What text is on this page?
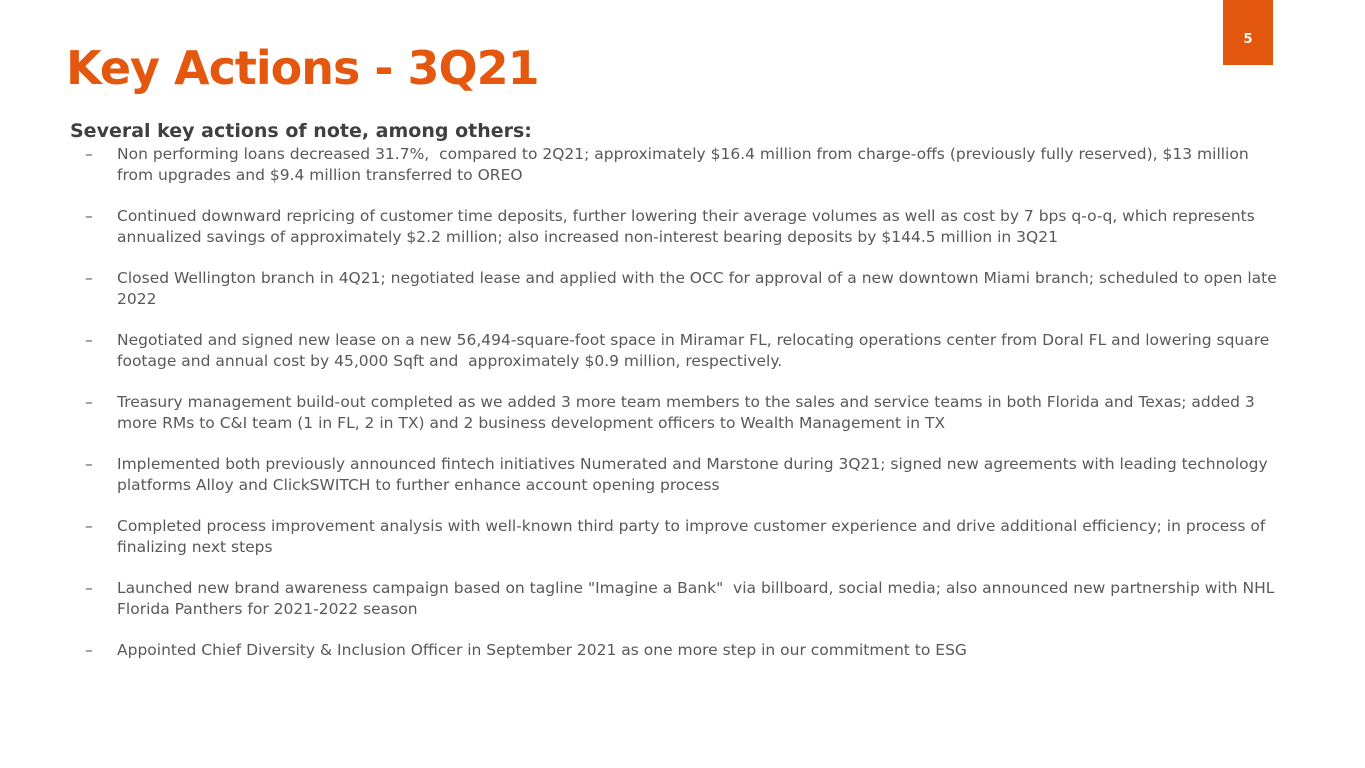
5
Key Actions - 3Q21
Several key actions of note, among others:
–	Non performing loans decreased 31.7%,  compared to 2Q21; approximately $16.4 million from charge-offs (previously fully reserved), $13 million  from upgrades and $9.4 million transferred to OREO
–	Continued downward repricing of customer time deposits, further lowering their average volumes as well as cost by 7 bps q-o-q, which represents annualized savings of approximately $2.2 million; also increased non-interest bearing deposits by $144.5 million in 3Q21
–	Closed Wellington branch in 4Q21; negotiated lease and applied with the OCC for approval of a new downtown Miami branch; scheduled to open late 2022
–	Negotiated and signed new lease on a new 56,494-square-foot space in Miramar FL, relocating operations center from Doral FL and lowering square footage and annual cost by 45,000 Sqft and  approximately $0.9 million, respectively.
–	Treasury management build-out completed as we added 3 more team members to the sales and service teams in both Florida and Texas; added 3 more RMs to C&I team (1 in FL, 2 in TX) and 2 business development officers to Wealth Management in TX
–	Implemented both previously announced fintech initiatives Numerated and Marstone during 3Q21; signed new agreements with leading technology platforms Alloy and ClickSWITCH to further enhance account opening process
–	Completed process improvement analysis with well-known third party to improve customer experience and drive additional efficiency; in process of finalizing next steps
–	Launched new brand awareness campaign based on tagline "Imagine a Bank"  via billboard, social media; also announced new partnership with NHL Florida Panthers for 2021-2022 season
–	Appointed Chief Diversity & Inclusion Officer in September 2021 as one more step in our commitment to ESG
